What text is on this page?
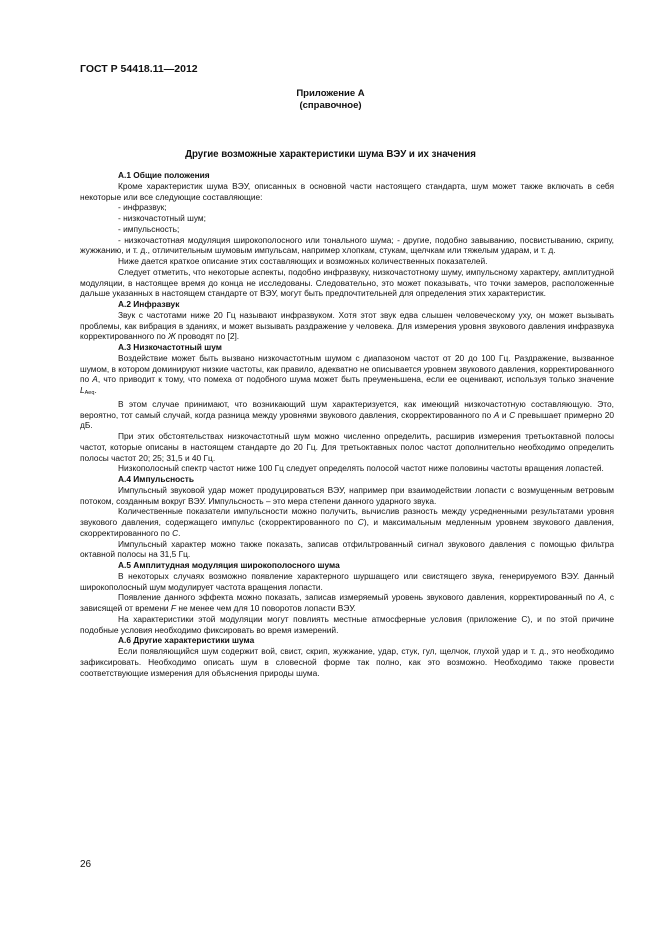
ГОСТ Р 54418.11—2012
Приложение А
(справочное)
Другие возможные характеристики шума ВЭУ и их значения
А.1 Общие положения

Кроме характеристик шума ВЭУ, описанных в основной части настоящего стандарта, шум может также включать в себя некоторые или все следующие составляющие:

- инфразвук;
- низкочастотный шум;
- импульсность;

- низкочастотная модуляция широкополосного или тонального шума; - другие, подобно завыванию, посвистыванию, скрипу, жужжанию, и т. д., отличительным шумовым импульсам, например хлопкам, стукам, щелчкам или тяжелым ударам, и т. д.

Ниже дается краткое описание этих составляющих и возможных количественных показателей.

Следует отметить, что некоторые аспекты, подобно инфразвуку, низкочастотному шуму, импульсному характеру, амплитудной модуляции, в настоящее время до конца не исследованы. Следовательно, это может показывать, что точки замеров, расположенные дальше указанных в настоящем стандарте от ВЭУ, могут быть предпочтительней для определения этих характеристик.

А.2 Инфразвук

Звук с частотами ниже 20 Гц называют инфразвуком. Хотя этот звук едва слышен человеческому уху, он может вызывать проблемы, как вибрация в зданиях, и может вызывать раздражение у человека. Для измерения уровня звукового давления инфразвука корректированного по Ж проводят по [2].

А.3 Низкочастотный шум

Воздействие может быть вызвано низкочастотным шумом с диапазоном частот от 20 до 100 Гц. Раздражение, вызванное шумом, в котором доминируют низкие частоты, как правило, адекватно не описывается уровнем звукового давления, корректированного по А, что приводит к тому, что помеха от подобного шума может быть преуменьшена, если ее оценивают, используя только значение $L_{Aeq}$.

В этом случае принимают, что возникающий шум характеризуется, как имеющий низкочастотную составляющую. Это, вероятно, тот самый случай, когда разница между уровнями звукового давления, скорректированного по А и С превышает примерно 20 дБ.

При этих обстоятельствах низкочастотный шум можно численно определить, расширив измерения третьоктавной полосы частот, которые описаны в настоящем стандарте до 20 Гц. Для третьоктавных полос частот дополнительно необходимо определить полосы частот 20; 25; 31,5 и 40 Гц.

Низкополосный спектр частот ниже 100 Гц следует определять полосой частот ниже половины частоты вращения лопастей.

А.4 Импульсность

Импульсный звуковой удар может продуцироваться ВЭУ, например при взаимодействии лопасти с возмущенным ветровым потоком, созданным вокруг ВЭУ. Импульсность – это мера степени данного ударного звука.

Количественные показатели импульсности можно получить, вычислив разность между усредненными результатами уровня звукового давления, содержащего импульс (скорректированного по С), и максимальным медленным уровнем звукового давления, скорректированного по С.

Импульсный характер можно также показать, записав отфильтрованный сигнал звукового давления с помощью фильтра октавной полосы на 31,5 Гц.

А.5 Амплитудная модуляция широкополосного шума

В некоторых случаях возможно появление характерного шуршащего или свистящего звука, генерируемого ВЭУ. Данный широкополосный шум модулирует частота вращения лопасти.

Появление данного эффекта можно показать, записав измеряемый уровень звукового давления, корректированный по А, с зависящей от времени F не менее чем для 10 поворотов лопасти ВЭУ.

На характеристики этой модуляции могут повлиять местные атмосферные условия (приложение С), и по этой причине подобные условия необходимо фиксировать во время измерений.

А.6 Другие характеристики шума

Если появляющийся шум содержит вой, свист, скрип, жужжание, удар, стук, гул, щелчок, глухой удар и т. д., это необходимо зафиксировать. Необходимо описать шум в словесной форме так полно, как это возможно. Необходимо также провести соответствующие измерения для объяснения природы шума.

26
